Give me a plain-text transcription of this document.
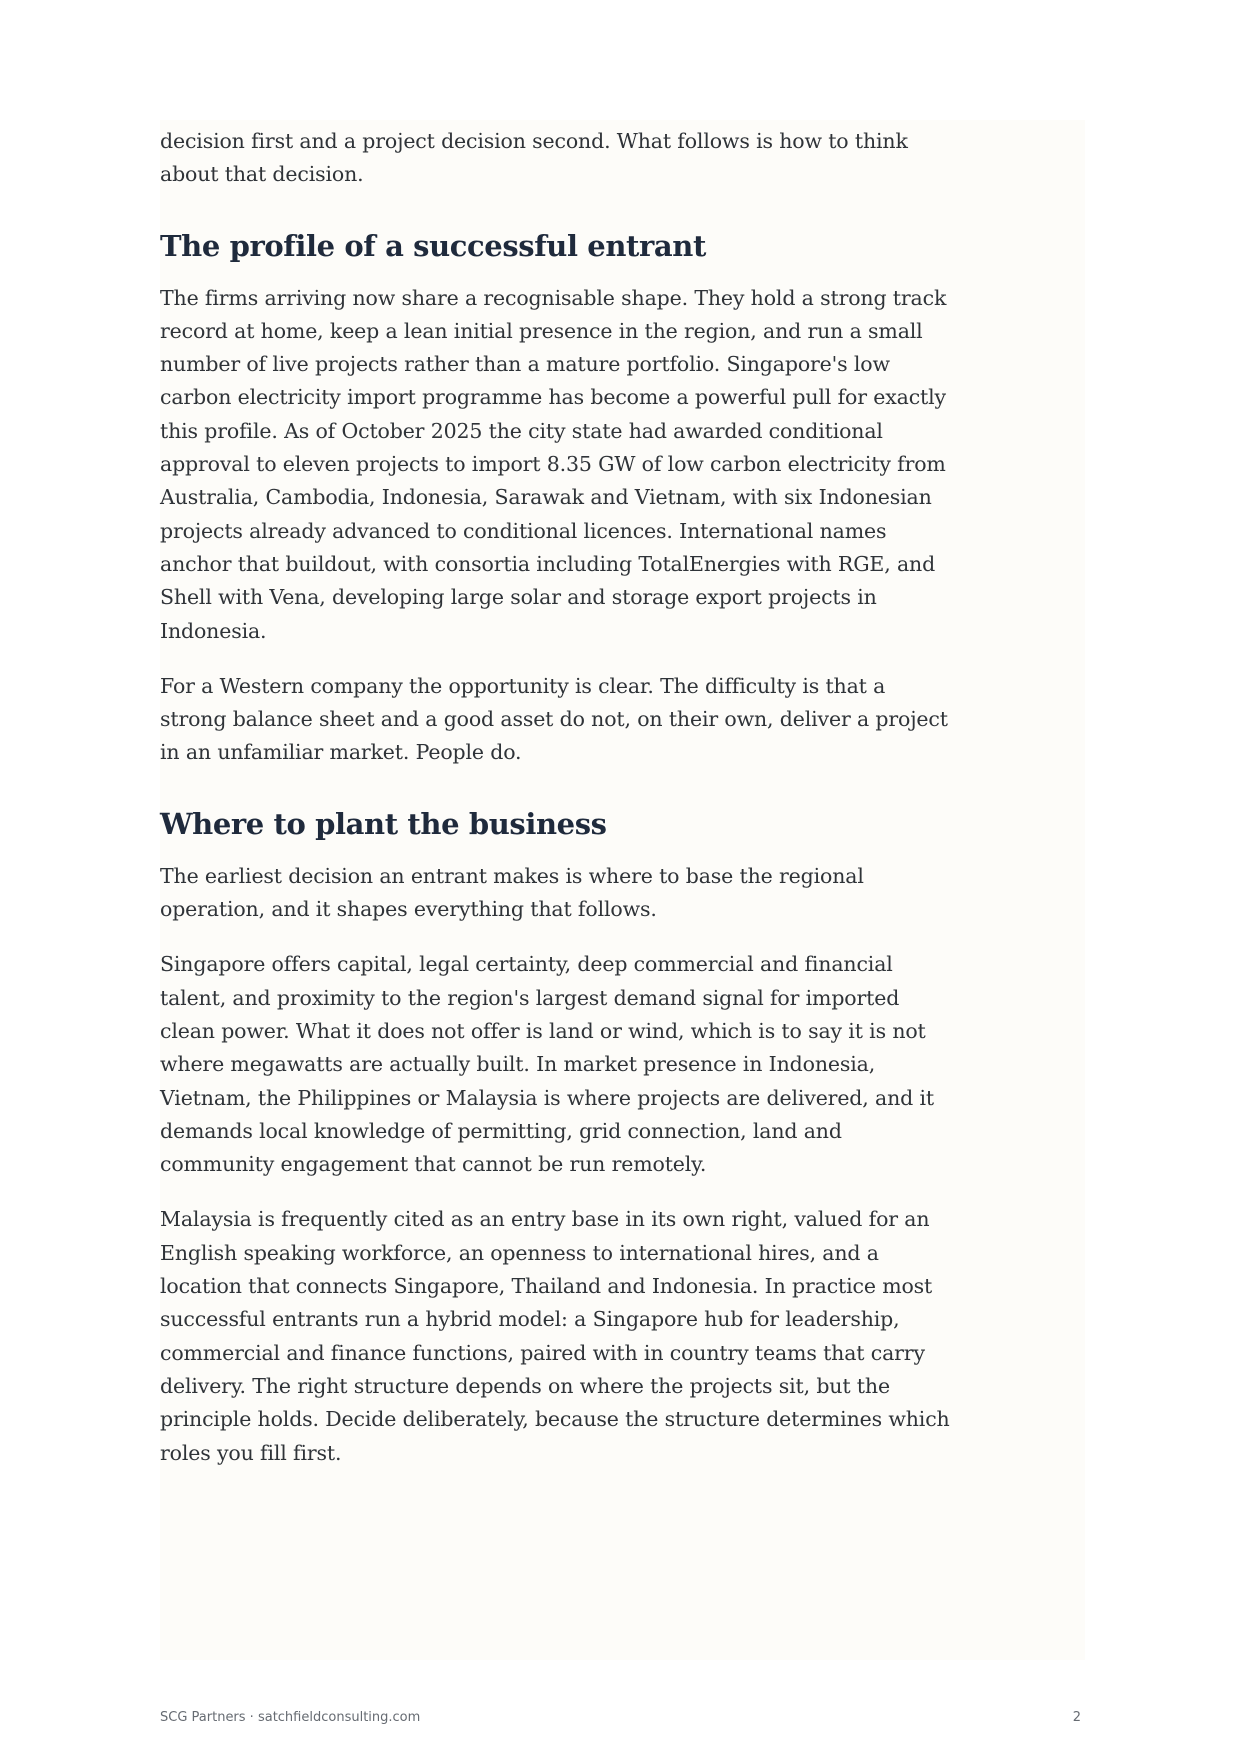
decision first and a project decision second. What follows is how to think about that decision.

The profile of a successful entrant

The firms arriving now share a recognisable shape. They hold a strong track record at home, keep a lean initial presence in the region, and run a small number of live projects rather than a mature portfolio. Singapore's low carbon electricity import programme has become a powerful pull for exactly this profile. As of October 2025 the city state had awarded conditional approval to eleven projects to import 8.35 GW of low carbon electricity from Australia, Cambodia, Indonesia, Sarawak and Vietnam, with six Indonesian projects already advanced to conditional licences. International names anchor that buildout, with consortia including TotalEnergies with RGE, and Shell with Vena, developing large solar and storage export projects in Indonesia.

For a Western company the opportunity is clear. The difficulty is that a strong balance sheet and a good asset do not, on their own, deliver a project in an unfamiliar market. People do.

Where to plant the business

The earliest decision an entrant makes is where to base the regional operation, and it shapes everything that follows.

Singapore offers capital, legal certainty, deep commercial and financial talent, and proximity to the region's largest demand signal for imported clean power. What it does not offer is land or wind, which is to say it is not where megawatts are actually built. In market presence in Indonesia, Vietnam, the Philippines or Malaysia is where projects are delivered, and it demands local knowledge of permitting, grid connection, land and community engagement that cannot be run remotely.

Malaysia is frequently cited as an entry base in its own right, valued for an English speaking workforce, an openness to international hires, and a location that connects Singapore, Thailand and Indonesia. In practice most successful entrants run a hybrid model: a Singapore hub for leadership, commercial and finance functions, paired with in country teams that carry delivery. The right structure depends on where the projects sit, but the principle holds. Decide deliberately, because the structure determines which roles you fill first.

SCG Partners · satchfieldconsulting.com	2
